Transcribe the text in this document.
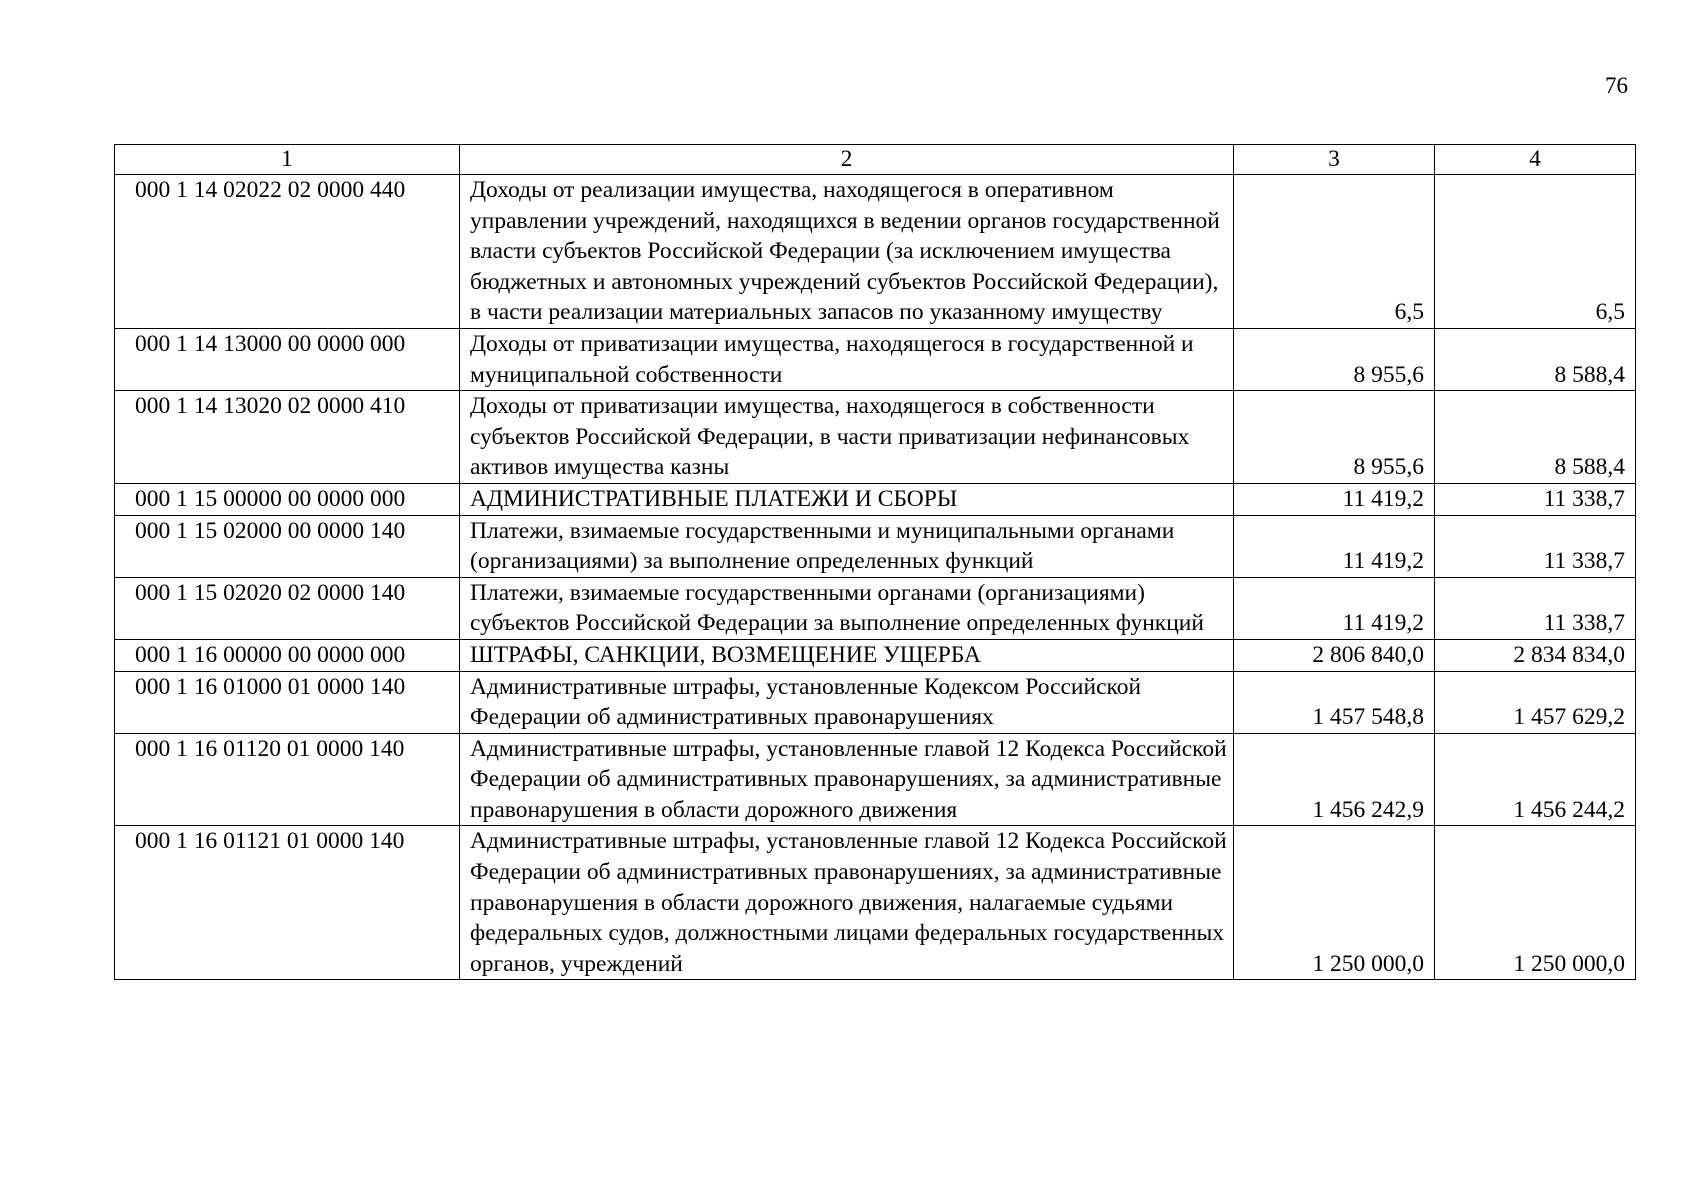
76
1	2	3	4
000 1 14 02022 02 0000 440	Доходы от реализации имущества, находящегося в оперативном управлении учреждений, находящихся в ведении органов государственной власти субъектов Российской Федерации (за исключением имущества бюджетных и автономных учреждений субъектов Российской Федерации), в части реализации материальных запасов по указанному имуществу	6,5	6,5
000 1 14 13000 00 0000 000	Доходы от приватизации имущества, находящегося в государственной и муниципальной собственности	8 955,6	8 588,4
000 1 14 13020 02 0000 410	Доходы от приватизации имущества, находящегося в собственности субъектов Российской Федерации, в части приватизации нефинансовых активов имущества казны	8 955,6	8 588,4
000 1 15 00000 00 0000 000	АДМИНИСТРАТИВНЫЕ ПЛАТЕЖИ И СБОРЫ	11 419,2	11 338,7
000 1 15 02000 00 0000 140	Платежи, взимаемые государственными и муниципальными органами (организациями) за выполнение определенных функций	11 419,2	11 338,7
000 1 15 02020 02 0000 140	Платежи, взимаемые государственными органами (организациями) субъектов Российской Федерации за выполнение определенных функций	11 419,2	11 338,7
000 1 16 00000 00 0000 000	ШТРАФЫ, САНКЦИИ, ВОЗМЕЩЕНИЕ УЩЕРБА	2 806 840,0	2 834 834,0
000 1 16 01000 01 0000 140	Административные штрафы, установленные Кодексом Российской Федерации об административных правонарушениях	1 457 548,8	1 457 629,2
000 1 16 01120 01 0000 140	Административные штрафы, установленные главой 12 Кодекса Российской Федерации об административных правонарушениях, за административные правонарушения в области дорожного движения	1 456 242,9	1 456 244,2
000 1 16 01121 01 0000 140	Административные штрафы, установленные главой 12 Кодекса Российской Федерации об административных правонарушениях, за административные правонарушения в области дорожного движения, налагаемые судьями федеральных судов, должностными лицами федеральных государственных органов, учреждений	1 250 000,0	1 250 000,0
